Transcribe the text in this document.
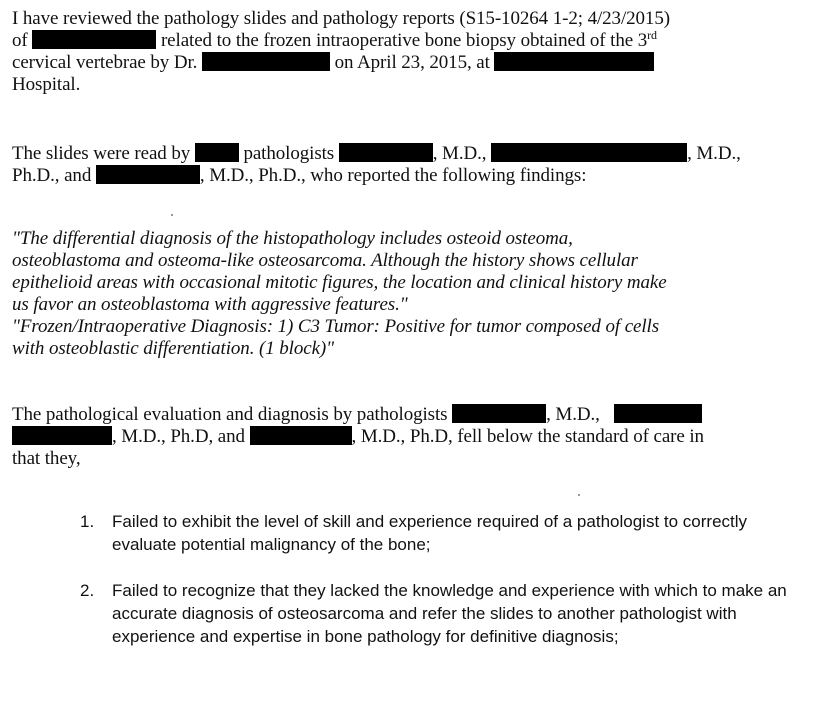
I have reviewed the pathology slides and pathology reports (S15-10264 1-2; 4/23/2015)
of	related to the frozen intraoperative bone biopsy obtained of the 3rd
cervical vertebrae by Dr.	on April 23, 2015, at
Hospital.
The slides were read by	pathologists	, M.D.,	, M.D.,
Ph.D., and	, M.D., Ph.D., who reported the following findings:
"The differential diagnosis of the histopathology includes osteoid osteoma,
osteoblastoma and osteoma-like osteosarcoma. Although the history shows cellular
epithelioid areas with occasional mitotic figures, the location and clinical history make
us favor an osteoblastoma with aggressive features."
"Frozen/Intraoperative Diagnosis: 1) C3 Tumor: Positive for tumor composed of cells
with osteoblastic differentiation. (1 block)"
The pathological evaluation and diagnosis by pathologists	, M.D.,
, M.D., Ph.D, and	, M.D., Ph.D, fell below the standard of care in
that they,
1. Failed to exhibit the level of skill and experience required of a pathologist to correctly evaluate potential malignancy of the bone;
2. Failed to recognize that they lacked the knowledge and experience with which to make an accurate diagnosis of osteosarcoma and refer the slides to another pathologist with experience and expertise in bone pathology for definitive diagnosis;
